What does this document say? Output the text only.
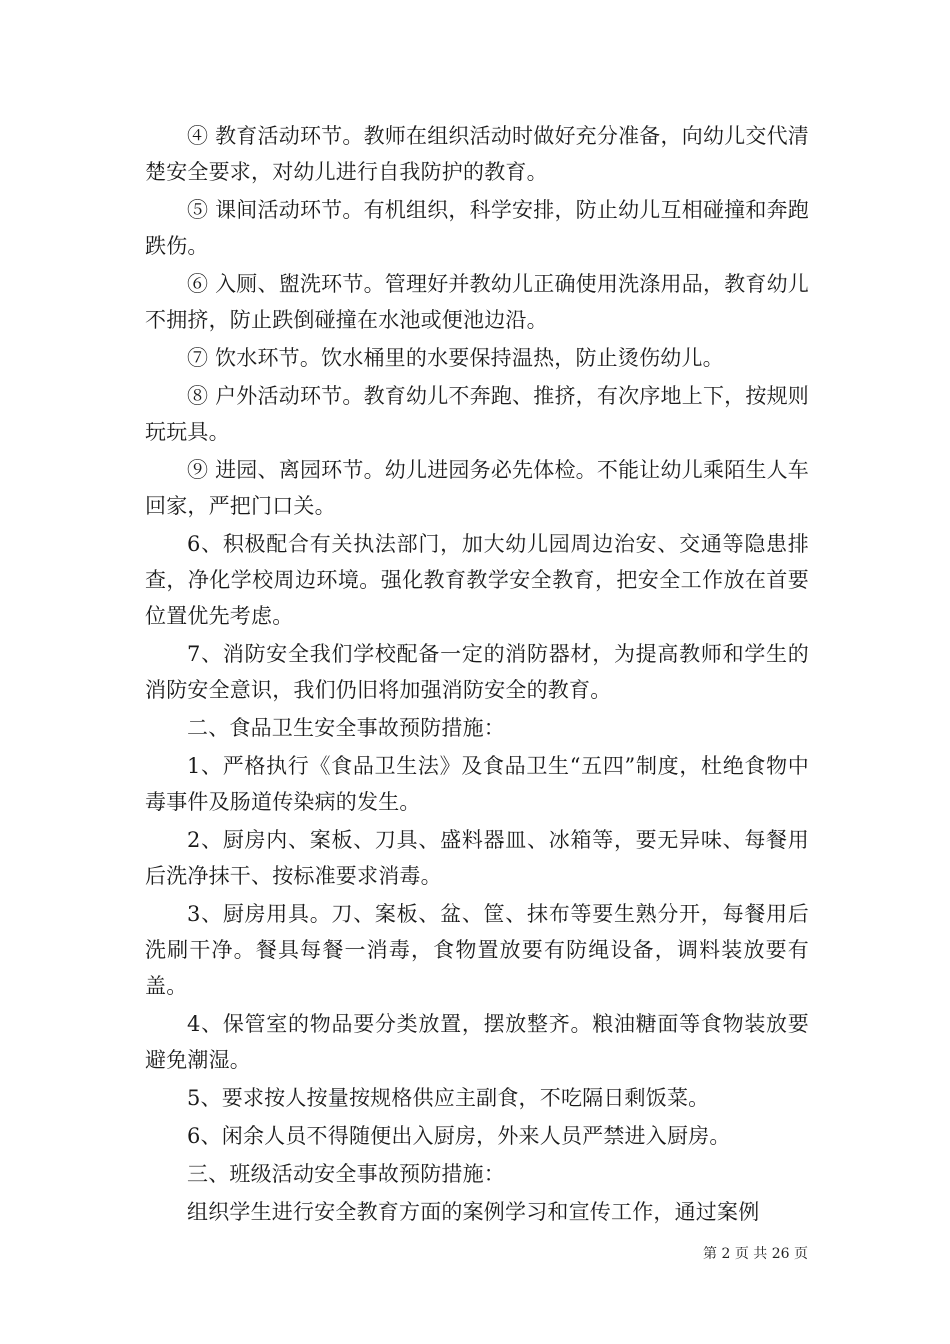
④ 教育活动环节。教师在组织活动时做好充分准备，向幼儿交代清楚安全要求，对幼儿进行自我防护的教育。

⑤ 课间活动环节。有机组织，科学安排，防止幼儿互相碰撞和奔跑跌伤。

⑥ 入厕、盥洗环节。管理好并教幼儿正确使用洗涤用品，教育幼儿不拥挤，防止跌倒碰撞在水池或便池边沿。

⑦ 饮水环节。饮水桶里的水要保持温热，防止烫伤幼儿。

⑧ 户外活动环节。教育幼儿不奔跑、推挤，有次序地上下，按规则玩玩具。

⑨ 进园、离园环节。幼儿进园务必先体检。不能让幼儿乘陌生人车回家，严把门口关。

6、积极配合有关执法部门，加大幼儿园周边治安、交通等隐患排查，净化学校周边环境。强化教育教学安全教育，把安全工作放在首要位置优先考虑。

7、消防安全我们学校配备一定的消防器材，为提高教师和学生的消防安全意识，我们仍旧将加强消防安全的教育。

二、食品卫生安全事故预防措施：

1、严格执行《食品卫生法》及食品卫生“五四”制度，杜绝食物中毒事件及肠道传染病的发生。

2、厨房内、案板、刀具、盛料器皿、冰箱等，要无异味、每餐用后洗净抹干、按标准要求消毒。

3、厨房用具。刀、案板、盆、筐、抹布等要生熟分开，每餐用后洗刷干净。餐具每餐一消毒，食物置放要有防绳设备，调料装放要有盖。

4、保管室的物品要分类放置，摆放整齐。粮油糖面等食物装放要避免潮湿。

5、要求按人按量按规格供应主副食，不吃隔日剩饭菜。

6、闲余人员不得随便出入厨房，外来人员严禁进入厨房。

三、班级活动安全事故预防措施：

组织学生进行安全教育方面的案例学习和宣传工作，通过案例

第 2 页 共 26 页
